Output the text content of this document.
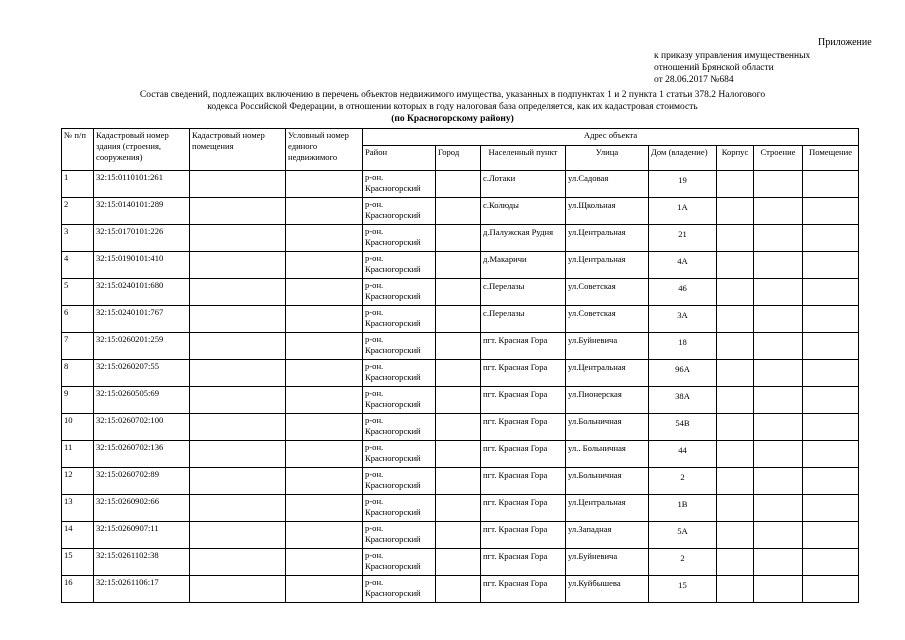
Приложение
к приказу управления имущественных
отношений Брянской области
от 28.06.2017 №684
Состав сведений, подлежащих включению в перечень объектов недвижимого имущества, указанных в подпунктах 1 и 2 пункта 1 статьи 378.2 Налогового
кодекса Российской Федерации, в отношении которых в году налоговая база определяется, как их кадастровая стоимость
(по Красногорскому району)
№ п/п	Кадастровый номер здания (строения, сооружения)	Кадастровый номер помещения	Условный номер единого недвижимого	Адрес объекта							
				Район	Город	Населенный пункт	Улица	Дом (владение)	Корпус	Строение	Помещение
1	32:15:0110101:261			р-он. Красногорский		с.Лотаки	ул.Садовая	19			
2	32:15:0140101:289			р-он. Красногорский		с.Колюды	ул.Щкольная	1А			
3	32:15:0170101:226			р-он. Красногорский		д.Палужская Рудня	ул.Центральная	21			
4	32:15:0190101:410			р-он. Красногорский		д.Макаричи	ул.Центральная	4А			
5	32:15:0240101:680			р-он. Красногорский		с.Перелазы	ул.Советская	46			
6	32:15:0240101:767			р-он. Красногорский		с.Перелазы	ул.Советская	3А			
7	32:15:0260201:259			р-он. Красногорский		пгт. Красная Гора	ул.Буйневича	18			
8	32:15:0260207:55			р-он. Красногорский		пгт. Красная Гора	ул.Центральная	96А			
9	32:15:0260505:69			р-он. Красногорский		пгт. Красная Гора	ул.Пионерская	38А			
10	32:15:0260702:100			р-он. Красногорский		пгт. Красная Гора	ул.Больничная	54В			
11	32:15:0260702:136			р-он. Красногорский		пгт. Красная Гора	ул.. Больничная	44			
12	32:15:0260702:89			р-он. Красногорский		пгт. Красная Гора	ул.Больничная	2			
13	32:15:0260902:66			р-он. Красногорский		пгт. Красная Гора	ул.Центральная	1В			
14	32:15:0260907:11			р-он. Красногорский		пгт. Красная Гора	ул.Западная	5А			
15	32:15:0261102:38			р-он. Красногорский		пгт. Красная Гора	ул.Буйневича	2			
16	32:15:0261106:17			р-он. Красногорский		пгт. Красная Гора	ул.Куйбышева	15			
